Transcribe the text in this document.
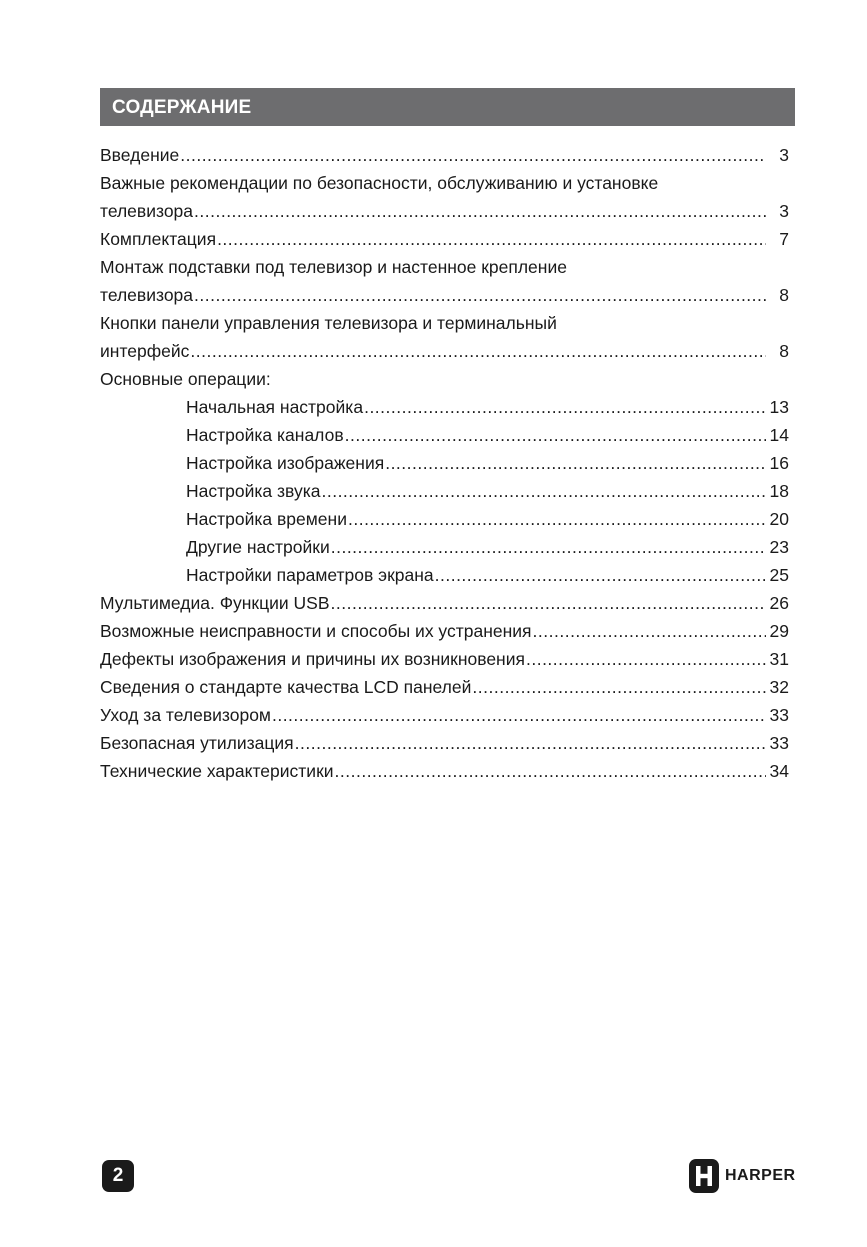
СОДЕРЖАНИЕ
Введение .....	3
Важные рекомендации по безопасности, обслуживанию и установке
телевизора .....	3
Комплектация .....	7
Монтаж подставки под телевизор и настенное крепление
телевизора .....	8
Кнопки панели управления телевизора и терминальный
интерфейс .....	8
Основные операции:
Начальная настройка .....	13
Настройка каналов .....	14
Настройка изображения .....	16
Настройка звука .....	18
Настройка времени .....	20
Другие настройки .....	23
Настройки параметров экрана .....	25
Мультимедиа. Функции USB .....	26
Возможные неисправности и способы их устранения .....	29
Дефекты изображения и причины их возникновения .....	31
Сведения о стандарте качества LCD панелей .....	32
Уход за телевизором .....	33
Безопасная утилизация .....	33
Технические характеристики .....	34
2	HARPER
